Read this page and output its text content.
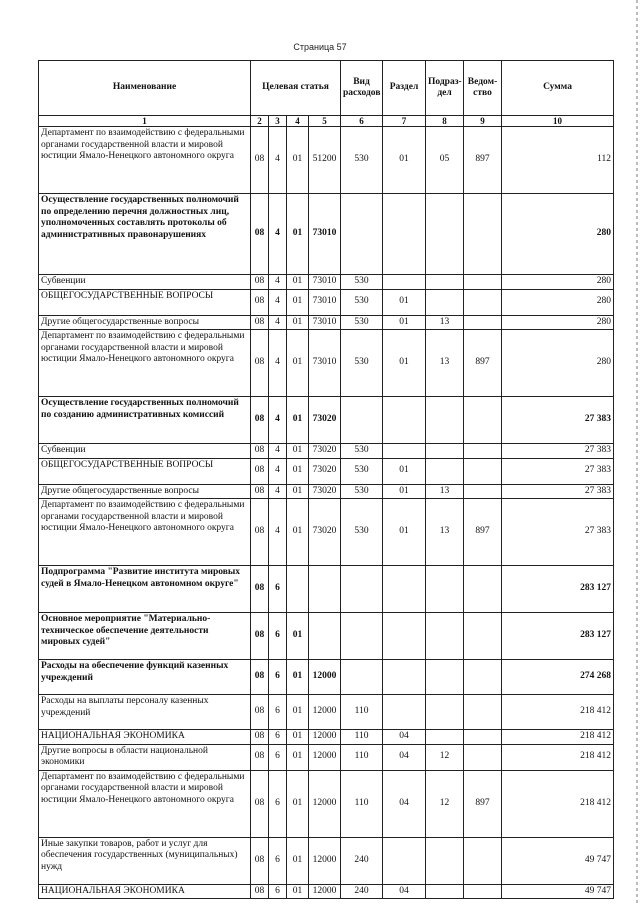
Страница 57
Наименование	Целевая статья				Вид расходов	Раздел	Подраз-дел	Ведом-ство	Сумма
1	2	3	4	5	6	7	8	9	10
Департамент по взаимодействию с федеральными органами государственной власти и мировой юстиции Ямало-Ненецкого автономного округа	08	4	01	51200	530	01	05	897	112
Осуществление государственных полномочий по определению перечня должностных лиц, уполномоченных составлять протоколы об административных правонарушениях	08	4	01	73010					280
Субвенции	08	4	01	73010	530				280
ОБЩЕГОСУДАРСТВЕННЫЕ ВОПРОСЫ	08	4	01	73010	530	01			280
Другие общегосударственные вопросы	08	4	01	73010	530	01	13		280
Департамент по взаимодействию с федеральными органами государственной власти и мировой юстиции Ямало-Ненецкого автономного округа	08	4	01	73010	530	01	13	897	280
Осуществление государственных полномочий по созданию административных комиссий	08	4	01	73020					27 383
Субвенции	08	4	01	73020	530				27 383
ОБЩЕГОСУДАРСТВЕННЫЕ ВОПРОСЫ	08	4	01	73020	530	01			27 383
Другие общегосударственные вопросы	08	4	01	73020	530	01	13		27 383
Департамент по взаимодействию с федеральными органами государственной власти и мировой юстиции Ямало-Ненецкого автономного округа	08	4	01	73020	530	01	13	897	27 383
Подпрограмма "Развитие института мировых судей в Ямало-Ненецком автономном округе"	08	6							283 127
Основное мероприятие "Материально-техническое обеспечение деятельности мировых судей"	08	6	01						283 127
Расходы на обеспечение функций казенных учреждений	08	6	01	12000					274 268
Расходы на выплаты персоналу казенных учреждений	08	6	01	12000	110				218 412
НАЦИОНАЛЬНАЯ ЭКОНОМИКА	08	6	01	12000	110	04			218 412
Другие вопросы в области национальной экономики	08	6	01	12000	110	04	12		218 412
Департамент по взаимодействию с федеральными органами государственной власти и мировой юстиции Ямало-Ненецкого автономного округа	08	6	01	12000	110	04	12	897	218 412
Иные закупки товаров, работ и услуг для обеспечения государственных (муниципальных) нужд	08	6	01	12000	240				49 747
НАЦИОНАЛЬНАЯ ЭКОНОМИКА	08	6	01	12000	240	04			49 747
